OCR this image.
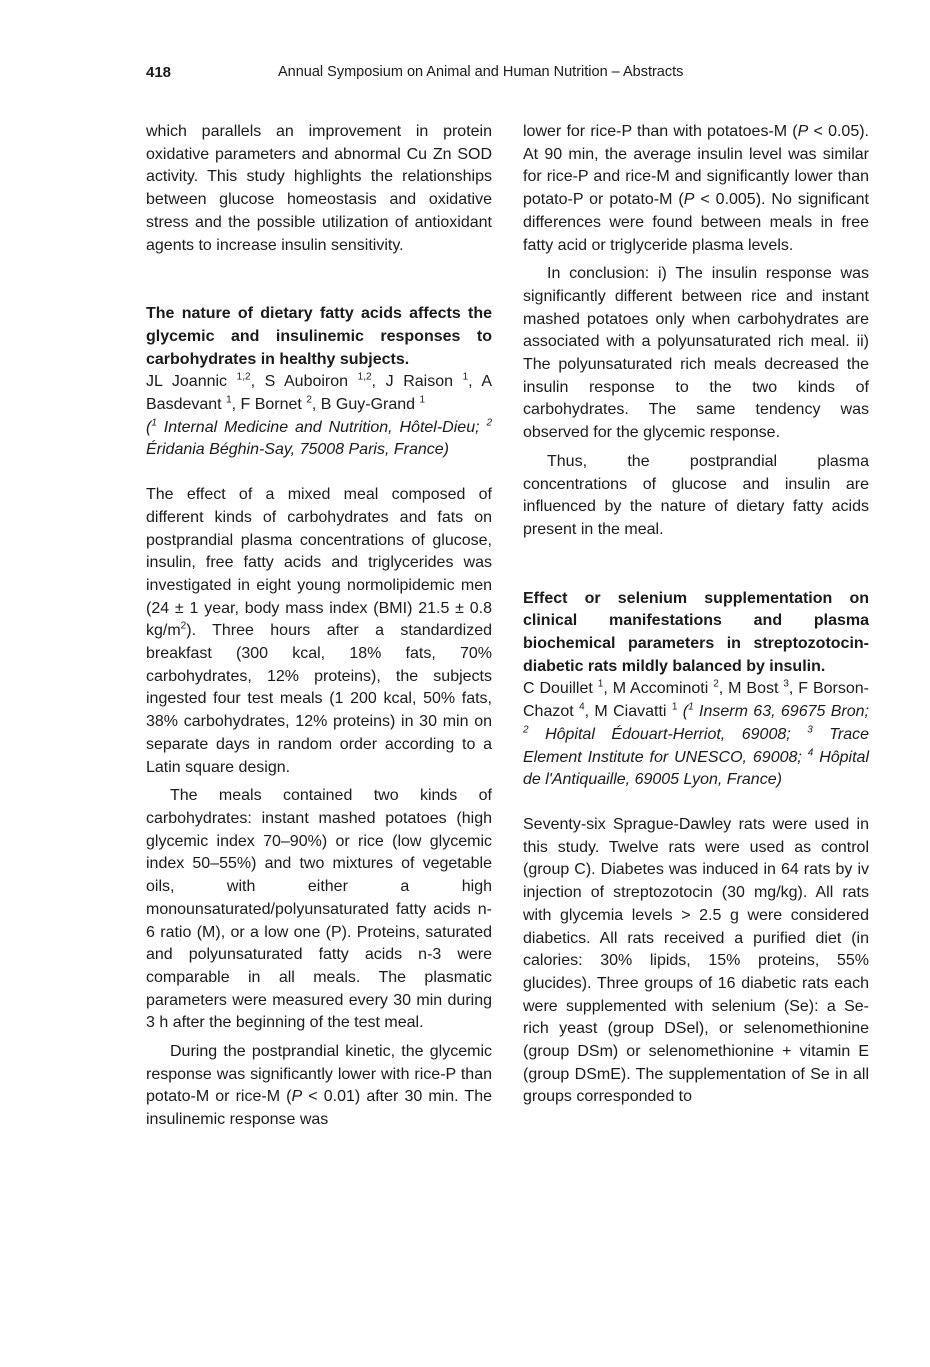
418	Annual Symposium on Animal and Human Nutrition – Abstracts

which parallels an improvement in protein oxidative parameters and abnormal Cu Zn SOD activity. This study highlights the relationships between glucose homeostasis and oxidative stress and the possible utilization of antioxidant agents to increase insulin sensitivity.

The nature of dietary fatty acids affects the glycemic and insulinemic responses to carbohydrates in healthy subjects.

JL Joannic $^{1,2}$, S Auboiron $^{1,2}$, J Raison $^1$, A Basdevant $^1$, F Bornet $^2$, B Guy-Grand $^1$

($^1$ Internal Medicine and Nutrition, Hôtel-Dieu; $^2$ Éridania Béghin-Say, 75008 Paris, France)

The effect of a mixed meal composed of different kinds of carbohydrates and fats on postprandial plasma concentrations of glucose, insulin, free fatty acids and triglycerides was investigated in eight young normolipidemic men (24 ± 1 year, body mass index (BMI) 21.5 ± 0.8 $kg/m^2$). Three hours after a standardized breakfast (300 kcal, 18% fats, 70% carbohydrates, 12% proteins), the subjects ingested four test meals (1 200 kcal, 50% fats, 38% carbohydrates, 12% proteins) in 30 min on separate days in random order according to a Latin square design.

The meals contained two kinds of carbohydrates: instant mashed potatoes (high glycemic index 70–90%) or rice (low glycemic index 50–55%) and two mixtures of vegetable oils, with either a high monounsaturated/polyunsaturated fatty acids n-6 ratio (M), or a low one (P). Proteins, saturated and polyunsaturated fatty acids n-3 were comparable in all meals. The plasmatic parameters were measured every 30 min during 3 h after the beginning of the test meal.

During the postprandial kinetic, the glycemic response was significantly lower with rice-P than potato-M or rice-M (P < 0.01) after 30 min. The insulinemic response was

lower for rice-P than with potatoes-M (P < 0.05). At 90 min, the average insulin level was similar for rice-P and rice-M and significantly lower than potato-P or potato-M (P < 0.005). No significant differences were found between meals in free fatty acid or triglyceride plasma levels.

In conclusion: i) The insulin response was significantly different between rice and instant mashed potatoes only when carbohydrates are associated with a polyunsaturated rich meal. ii) The polyunsaturated rich meals decreased the insulin response to the two kinds of carbohydrates. The same tendency was observed for the glycemic response.

Thus, the postprandial plasma concentrations of glucose and insulin are influenced by the nature of dietary fatty acids present in the meal.

Effect or selenium supplementation on clinical manifestations and plasma biochemical parameters in streptozotocin-diabetic rats mildly balanced by insulin.

C Douillet $^1$, M Accominoti $^2$, M Bost $^3$, F Borson-Chazot $^4$, M Ciavatti $^1$ ($^1$ Inserm 63, 69675 Bron; $^2$ Hôpital Édouart-Herriot, 69008; $^3$ Trace Element Institute for UNESCO, 69008; $^4$ Hôpital de l'Antiquaille, 69005 Lyon, France)

Seventy-six Sprague-Dawley rats were used in this study. Twelve rats were used as control (group C). Diabetes was induced in 64 rats by iv injection of streptozotocin (30 mg/kg). All rats with glycemia levels > 2.5 g were considered diabetics. All rats received a purified diet (in calories: 30% lipids, 15% proteins, 55% glucides). Three groups of 16 diabetic rats each were supplemented with selenium (Se): a Se-rich yeast (group DSel), or selenomethionine (group DSm) or selenomethionine + vitamin E (group DSmE). The supplementation of Se in all groups corresponded to
